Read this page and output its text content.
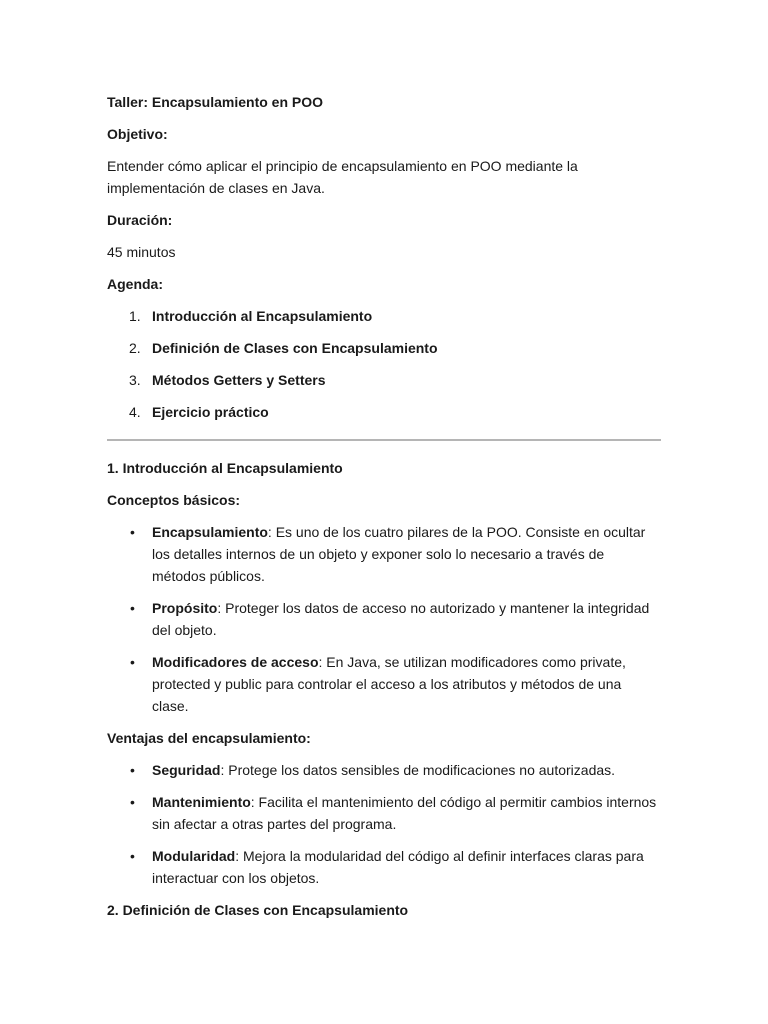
Taller: Encapsulamiento en POO

Objetivo:

Entender cómo aplicar el principio de encapsulamiento en POO mediante la implementación de clases en Java.

Duración:

45 minutos

Agenda:

1. Introducción al Encapsulamiento
2. Definición de Clases con Encapsulamiento
3. Métodos Getters y Setters
4. Ejercicio práctico

1. Introducción al Encapsulamiento

Conceptos básicos:

• Encapsulamiento: Es uno de los cuatro pilares de la POO. Consiste en ocultar los detalles internos de un objeto y exponer solo lo necesario a través de métodos públicos.
• Propósito: Proteger los datos de acceso no autorizado y mantener la integridad del objeto.
• Modificadores de acceso: En Java, se utilizan modificadores como private, protected y public para controlar el acceso a los atributos y métodos de una clase.

Ventajas del encapsulamiento:

• Seguridad: Protege los datos sensibles de modificaciones no autorizadas.
• Mantenimiento: Facilita el mantenimiento del código al permitir cambios internos sin afectar a otras partes del programa.
• Modularidad: Mejora la modularidad del código al definir interfaces claras para interactuar con los objetos.

2. Definición de Clases con Encapsulamiento
